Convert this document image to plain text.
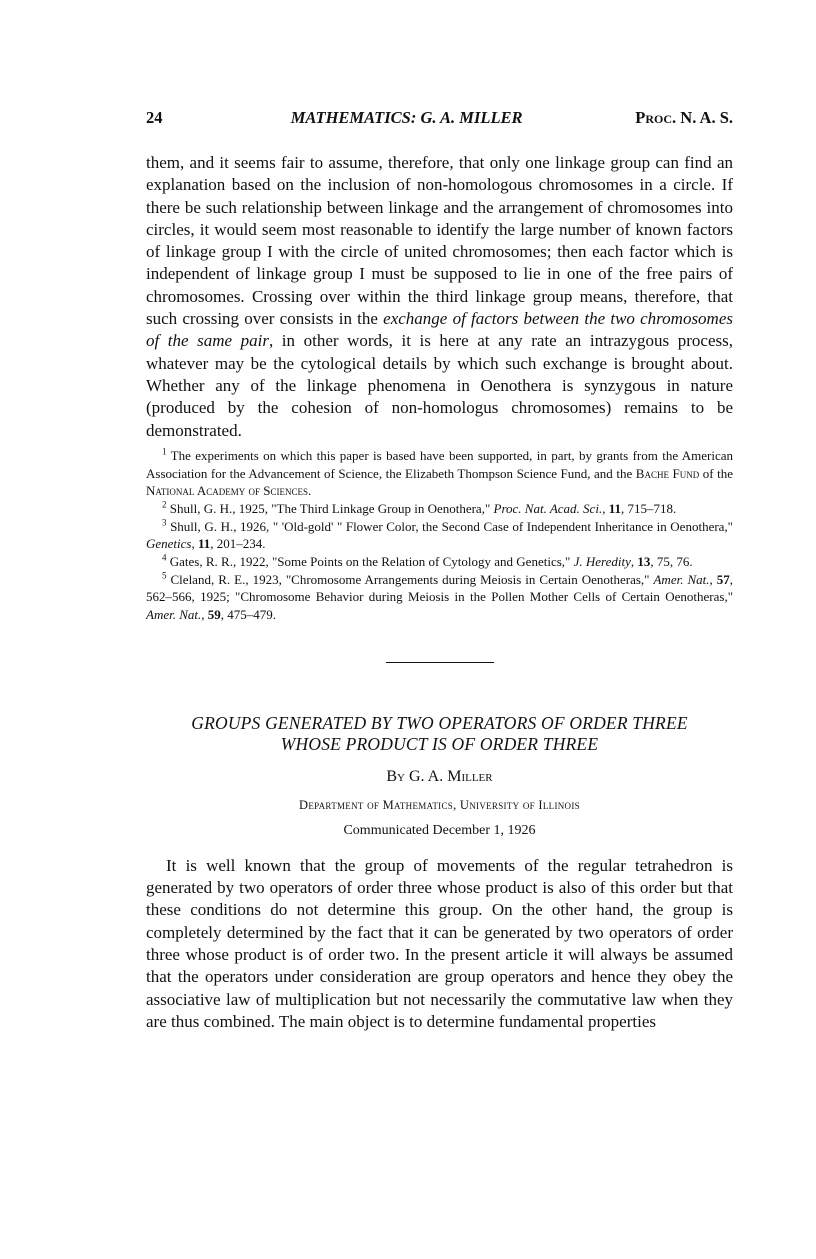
24	MATHEMATICS: G. A. MILLER	Proc. N. A. S.
them, and it seems fair to assume, therefore, that only one linkage group can find an explanation based on the inclusion of non-homologous chromosomes in a circle. If there be such relationship between linkage and the arrangement of chromosomes into circles, it would seem most reasonable to identify the large number of known factors of linkage group I with the circle of united chromosomes; then each factor which is independent of linkage group I must be supposed to lie in one of the free pairs of chromosomes. Crossing over within the third linkage group means, therefore, that such crossing over consists in the exchange of factors between the two chromosomes of the same pair, in other words, it is here at any rate an intrazygous process, whatever may be the cytological details by which such exchange is brought about. Whether any of the linkage phenomena in Oenothera is synzygous in nature (produced by the cohesion of non-homologus chromosomes) remains to be demonstrated.

$^1$ The experiments on which this paper is based have been supported, in part, by grants from the American Association for the Advancement of Science, the Elizabeth Thompson Science Fund, and the Bache Fund of the National Academy of Sciences.

$^2$ Shull, G. H., 1925, "The Third Linkage Group in Oenothera," Proc. Nat. Acad. Sci., 11, 715–718.

$^3$ Shull, G. H., 1926, " 'Old-gold' " Flower Color, the Second Case of Independent Inheritance in Oenothera," Genetics, 11, 201–234.

$^4$ Gates, R. R., 1922, "Some Points on the Relation of Cytology and Genetics," J. Heredity, 13, 75, 76.

$^5$ Cleland, R. E., 1923, "Chromosome Arrangements during Meiosis in Certain Oenotheras," Amer. Nat., 57, 562–566, 1925; "Chromosome Behavior during Meiosis in the Pollen Mother Cells of Certain Oenotheras," Amer. Nat., 59, 475–479.

GROUPS GENERATED BY TWO OPERATORS OF ORDER THREE
WHOSE PRODUCT IS OF ORDER THREE
By G. A. Miller
Department of Mathematics, University of Illinois
Communicated December 1, 1926
It is well known that the group of movements of the regular tetrahedron is generated by two operators of order three whose product is also of this order but that these conditions do not determine this group. On the other hand, the group is completely determined by the fact that it can be generated by two operators of order three whose product is of order two. In the present article it will always be assumed that the operators under consideration are group operators and hence they obey the associative law of multiplication but not necessarily the commutative law when they are thus combined. The main object is to determine fundamental properties
